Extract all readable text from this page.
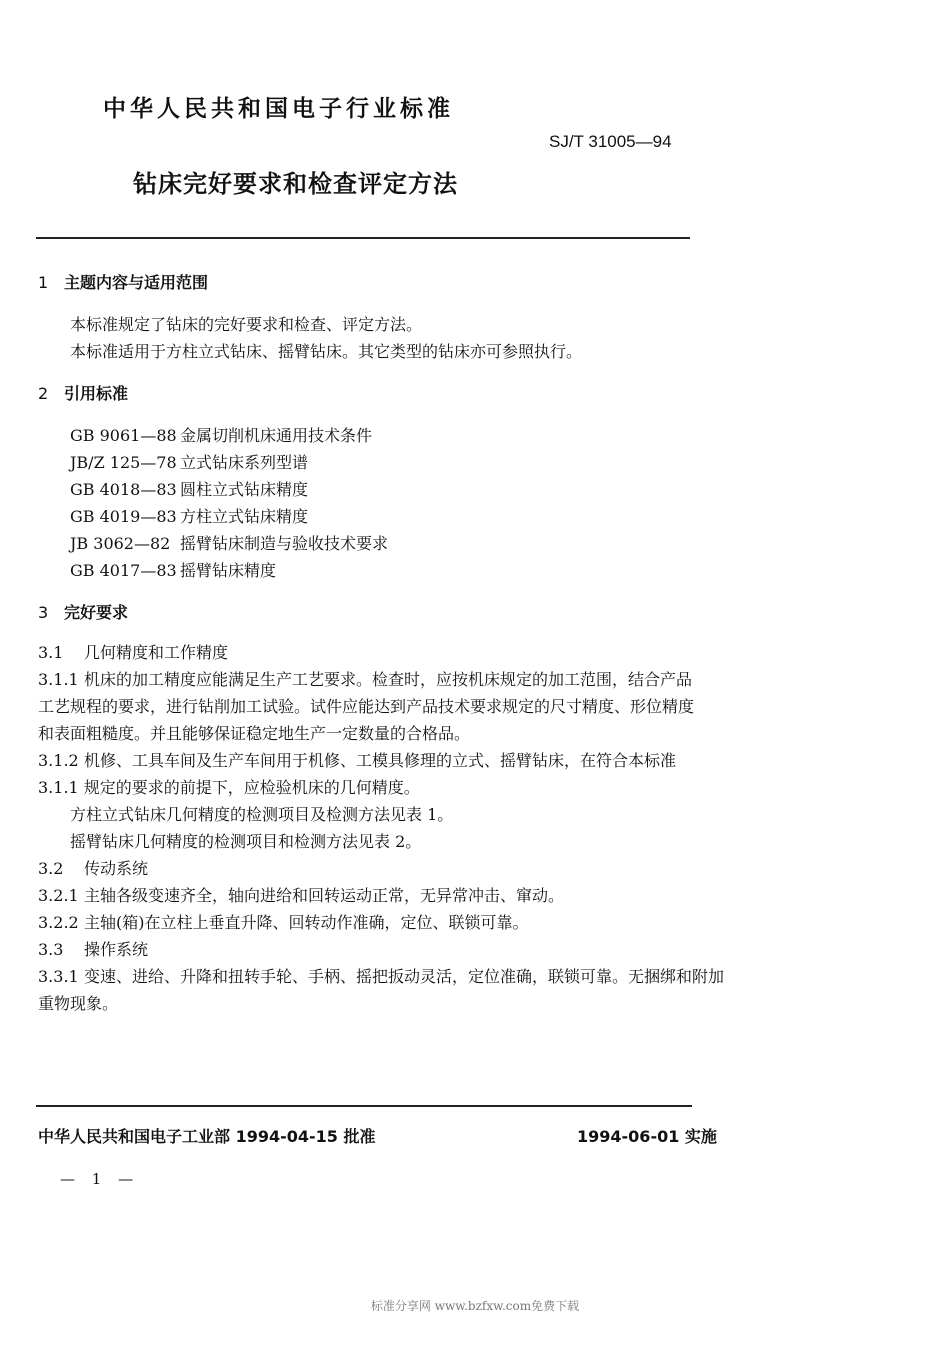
中华人民共和国电子行业标准
SJ/T 31005—94
钻床完好要求和检查评定方法
1 主题内容与适用范围
本标准规定了钻床的完好要求和检查、评定方法。
本标准适用于方柱立式钻床、摇臂钻床。其它类型的钻床亦可参照执行。
2 引用标准
GB 9061—88 金属切削机床通用技术条件
JB/Z 125—78 立式钻床系列型谱
GB 4018—83 圆柱立式钻床精度
GB 4019—83 方柱立式钻床精度
JB 3062—82 摇臂钻床制造与验收技术要求
GB 4017—83 摇臂钻床精度
3 完好要求
3.1 几何精度和工作精度
3.1.1 机床的加工精度应能满足生产工艺要求。检查时，应按机床规定的加工范围，结合产品
工艺规程的要求，进行钻削加工试验。试件应能达到产品技术要求规定的尺寸精度、形位精度
和表面粗糙度。并且能够保证稳定地生产一定数量的合格品。
3.1.2 机修、工具车间及生产车间用于机修、工模具修理的立式、摇臂钻床，在符合本标准
3.1.1 规定的要求的前提下，应检验机床的几何精度。
方柱立式钻床几何精度的检测项目及检测方法见表 1。
摇臂钻床几何精度的检测项目和检测方法见表 2。
3.2 传动系统
3.2.1 主轴各级变速齐全，轴向进给和回转运动正常，无异常冲击、窜动。
3.2.2 主轴(箱)在立柱上垂直升降、回转动作准确，定位、联锁可靠。
3.3 操作系统
3.3.1 变速、进给、升降和扭转手轮、手柄、摇把扳动灵活，定位准确，联锁可靠。无捆绑和附加
重物现象。
中华人民共和国电子工业部 1994-04-15 批准	1994-06-01 实施
— 1 —
标准分享网 www.bzfxw.com免费下载
